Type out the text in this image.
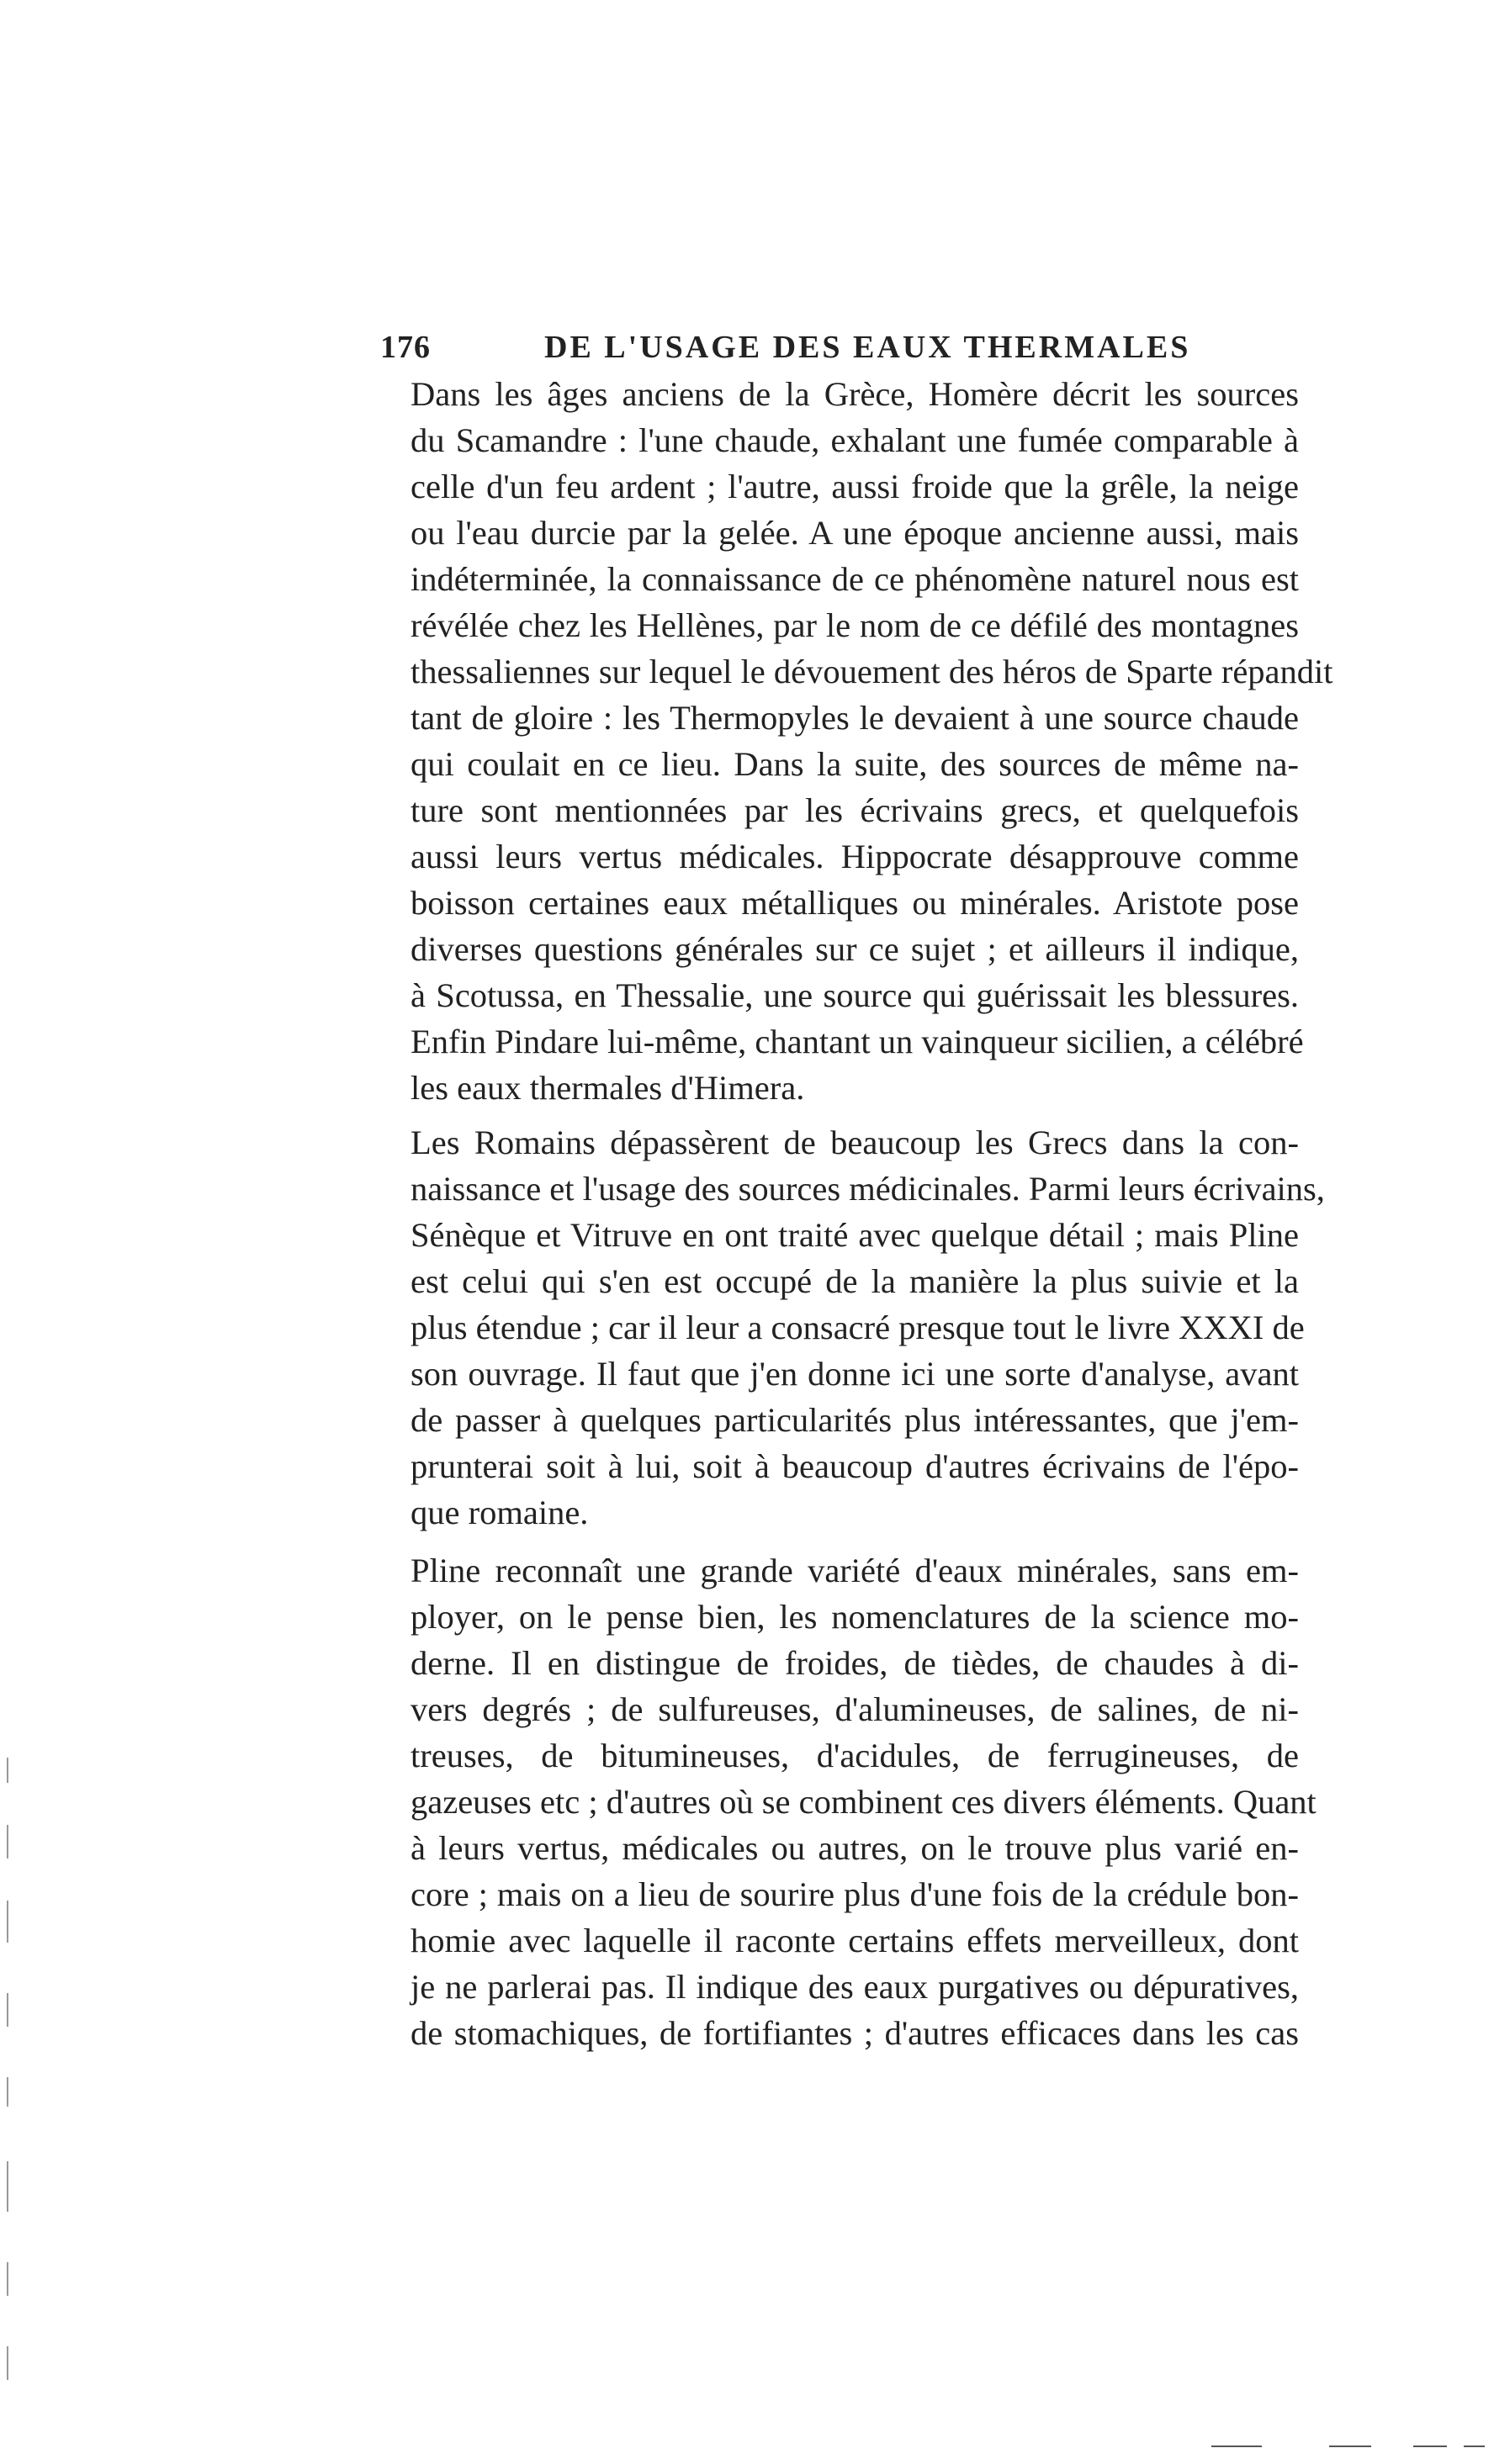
176	DE L'USAGE DES EAUX THERMALES
Dans les âges anciens de la Grèce, Homère décrit les sources
du Scamandre : l'une chaude, exhalant une fumée comparable à
celle d'un feu ardent ; l'autre, aussi froide que la grêle, la neige
ou l'eau durcie par la gelée. A une époque ancienne aussi, mais
indéterminée, la connaissance de ce phénomène naturel nous est
révélée chez les Hellènes, par le nom de ce défilé des montagnes
thessaliennes sur lequel le dévouement des héros de Sparte répandit
tant de gloire : les Thermopyles le devaient à une source chaude
qui coulait en ce lieu. Dans la suite, des sources de même na-
ture sont mentionnées par les écrivains grecs, et quelquefois
aussi leurs vertus médicales. Hippocrate désapprouve comme
boisson certaines eaux métalliques ou minérales. Aristote pose
diverses questions générales sur ce sujet ; et ailleurs il indique,
à Scotussa, en Thessalie, une source qui guérissait les blessures.
Enfin Pindare lui-même, chantant un vainqueur sicilien, a célébré
les eaux thermales d'Himera.
Les Romains dépassèrent de beaucoup les Grecs dans la con-
naissance et l'usage des sources médicinales. Parmi leurs écrivains,
Sénèque et Vitruve en ont traité avec quelque détail ; mais Pline
est celui qui s'en est occupé de la manière la plus suivie et la
plus étendue ; car il leur a consacré presque tout le livre XXXI de
son ouvrage. Il faut que j'en donne ici une sorte d'analyse, avant
de passer à quelques particularités plus intéressantes, que j'em-
prunterai soit à lui, soit à beaucoup d'autres écrivains de l'épo-
que romaine.
Pline reconnaît une grande variété d'eaux minérales, sans em-
ployer, on le pense bien, les nomenclatures de la science mo-
derne. Il en distingue de froides, de tièdes, de chaudes à di-
vers degrés ; de sulfureuses, d'alumineuses, de salines, de ni-
treuses, de bitumineuses, d'acidules, de ferrugineuses, de
gazeuses etc ; d'autres où se combinent ces divers éléments. Quant
à leurs vertus, médicales ou autres, on le trouve plus varié en-
core ; mais on a lieu de sourire plus d'une fois de la crédule bon-
homie avec laquelle il raconte certains effets merveilleux, dont
je ne parlerai pas. Il indique des eaux purgatives ou dépuratives,
de stomachiques, de fortifiantes ; d'autres efficaces dans les cas
